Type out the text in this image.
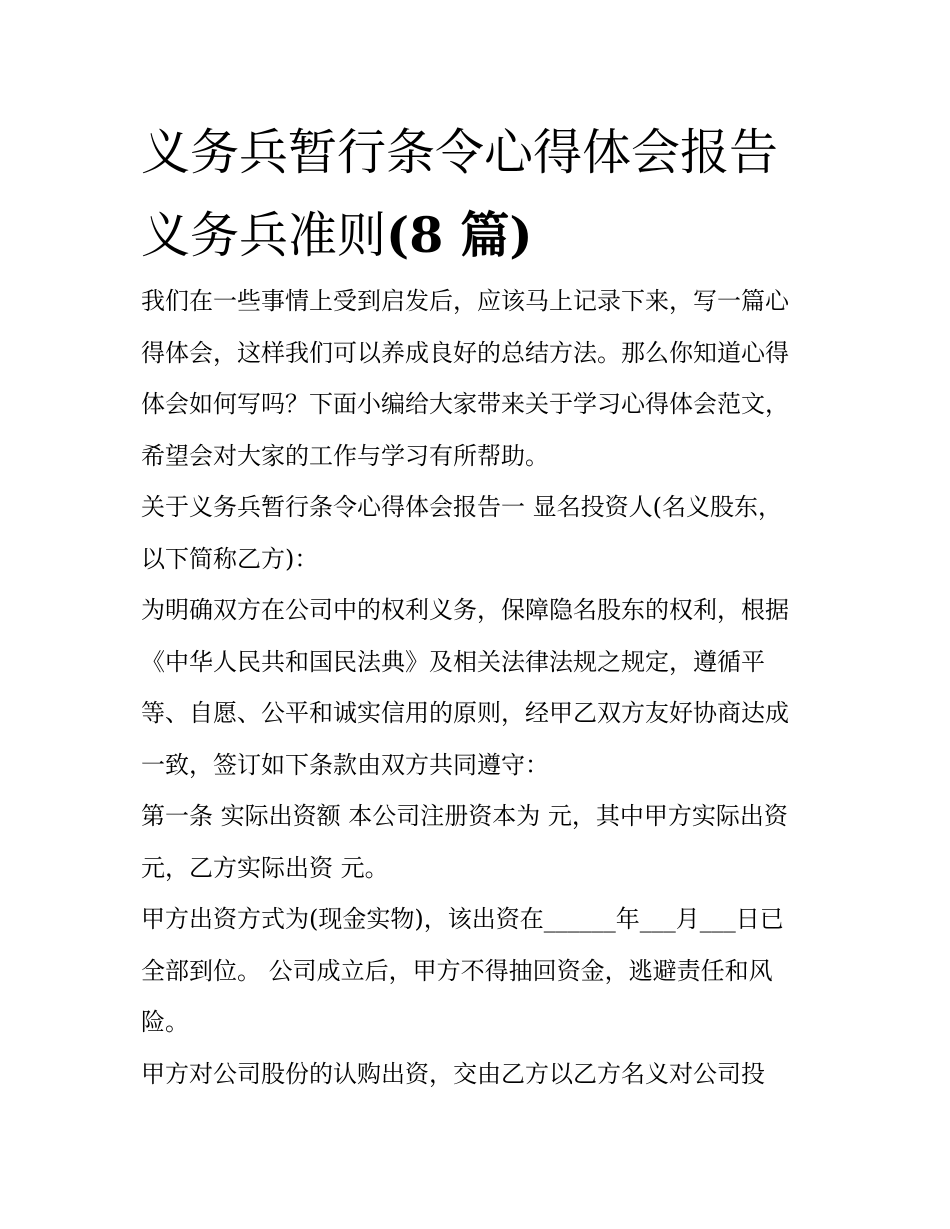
义务兵暂行条令心得体会报告
义务兵准则(8 篇)
我们在一些事情上受到启发后，应该马上记录下来，写一篇心
得体会，这样我们可以养成良好的总结方法。那么你知道心得
体会如何写吗？下面小编给大家带来关于学习心得体会范文，
希望会对大家的工作与学习有所帮助。
关于义务兵暂行条令心得体会报告一 显名投资人(名义股东，
以下简称乙方)：
为明确双方在公司中的权利义务，保障隐名股东的权利，根据
《中华人民共和国民法典》及相关法律法规之规定，遵循平
等、自愿、公平和诚实信用的原则，经甲乙双方友好协商达成
一致，签订如下条款由双方共同遵守：
第一条 实际出资额 本公司注册资本为 元，其中甲方实际出资
元，乙方实际出资 元。
甲方出资方式为(现金实物)，该出资在______年___月___日已
全部到位。 公司成立后，甲方不得抽回资金，逃避责任和风
险。
甲方对公司股份的认购出资，交由乙方以乙方名义对公司投
